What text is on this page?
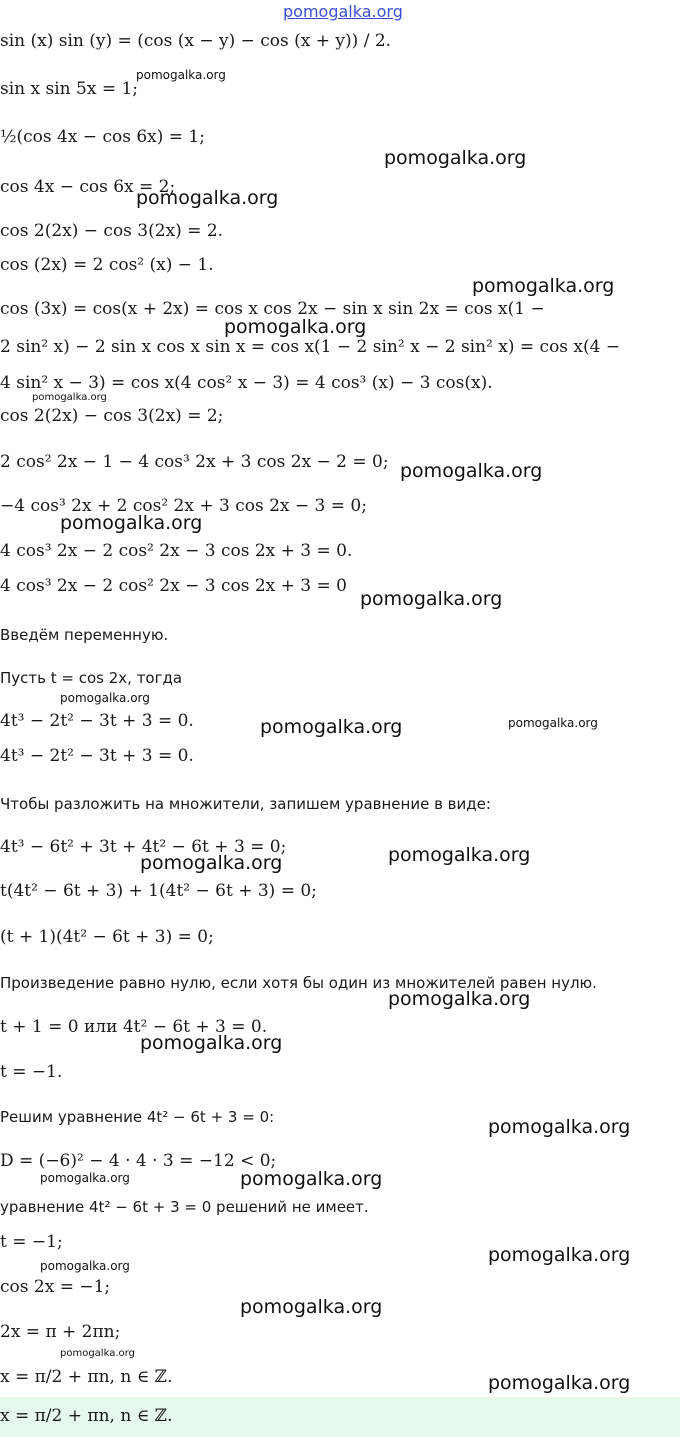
sin (x) sin (y) = (cos (x − y) − cos (x + y)) / 2.
sin x sin 5x = 1;
½(cos 4x − cos 6x) = 1;
cos 4x − cos 6x = 2;
cos 2(2x) − cos 3(2x) = 2.
cos (2x) = 2 cos² (x) − 1.
cos (3x) = cos(x + 2x) = cos x cos 2x − sin x sin 2x = cos x(1 −
2 sin² x) − 2 sin x cos x sin x = cos x(1 − 2 sin² x − 2 sin² x) = cos x(4 −
4 sin² x − 3) = cos x(4 cos² x − 3) = 4 cos³ (x) − 3 cos(x).
cos 2(2x) − cos 3(2x) = 2;
2 cos² 2x − 1 − 4 cos³ 2x + 3 cos 2x − 2 = 0;
−4 cos³ 2x + 2 cos² 2x + 3 cos 2x − 3 = 0;
4 cos³ 2x − 2 cos² 2x − 3 cos 2x + 3 = 0.
4 cos³ 2x − 2 cos² 2x − 3 cos 2x + 3 = 0
Введём переменную.
Пусть t = cos 2x, тогда
4t³ − 2t² − 3t + 3 = 0.
4t³ − 2t² − 3t + 3 = 0.
Чтобы разложить на множители, запишем уравнение в виде:
4t³ − 6t² + 3t + 4t² − 6t + 3 = 0;
t(4t² − 6t + 3) + 1(4t² − 6t + 3) = 0;
(t + 1)(4t² − 6t + 3) = 0;
Произведение равно нулю, если хотя бы один из множителей равен нулю.
t + 1 = 0 или 4t² − 6t + 3 = 0.
t = −1.
Решим уравнение 4t² − 6t + 3 = 0:
D = (−6)² − 4 · 4 · 3 = −12 < 0;
уравнение 4t² − 6t + 3 = 0 решений не имеет.
t = −1;
cos 2x = −1;
2x = π + 2πn;
x = π/2 + πn, n ∈ ℤ.
x = π/2 + πn, n ∈ ℤ.
pomogalka.org
pomogalka.org
pomogalka.org
pomogalka.org
pomogalka.org
pomogalka.org
pomogalka.org
pomogalka.org
pomogalka.org
pomogalka.org
pomogalka.org
pomogalka.org	pomogalka.org
pomogalka.org	pomogalka.org
pomogalka.org
pomogalka.org
pomogalka.org
pomogalka.org	pomogalka.org
pomogalka.org
pomogalka.org
pomogalka.org
pomogalka.org
pomogalka.org
